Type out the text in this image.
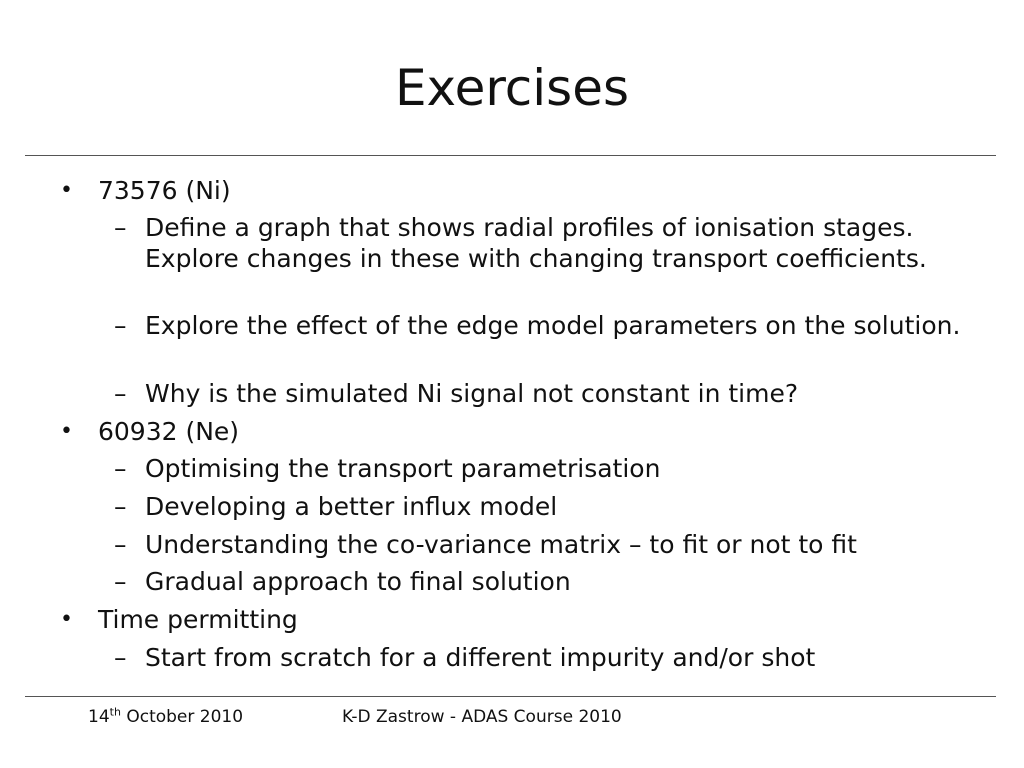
Exercises
• 73576 (Ni)
– Define a graph that shows radial profiles of ionisation stages. Explore changes in these with changing transport coefficients.
– Explore the effect of the edge model parameters on the solution.
– Why is the simulated Ni signal not constant in time?
• 60932 (Ne)
– Optimising the transport parametrisation
– Developing a better influx model
– Understanding the co-variance matrix – to fit or not to fit
– Gradual approach to final solution
• Time permitting
– Start from scratch for a different impurity and/or shot
14th October 2010	K-D Zastrow - ADAS Course 2010
